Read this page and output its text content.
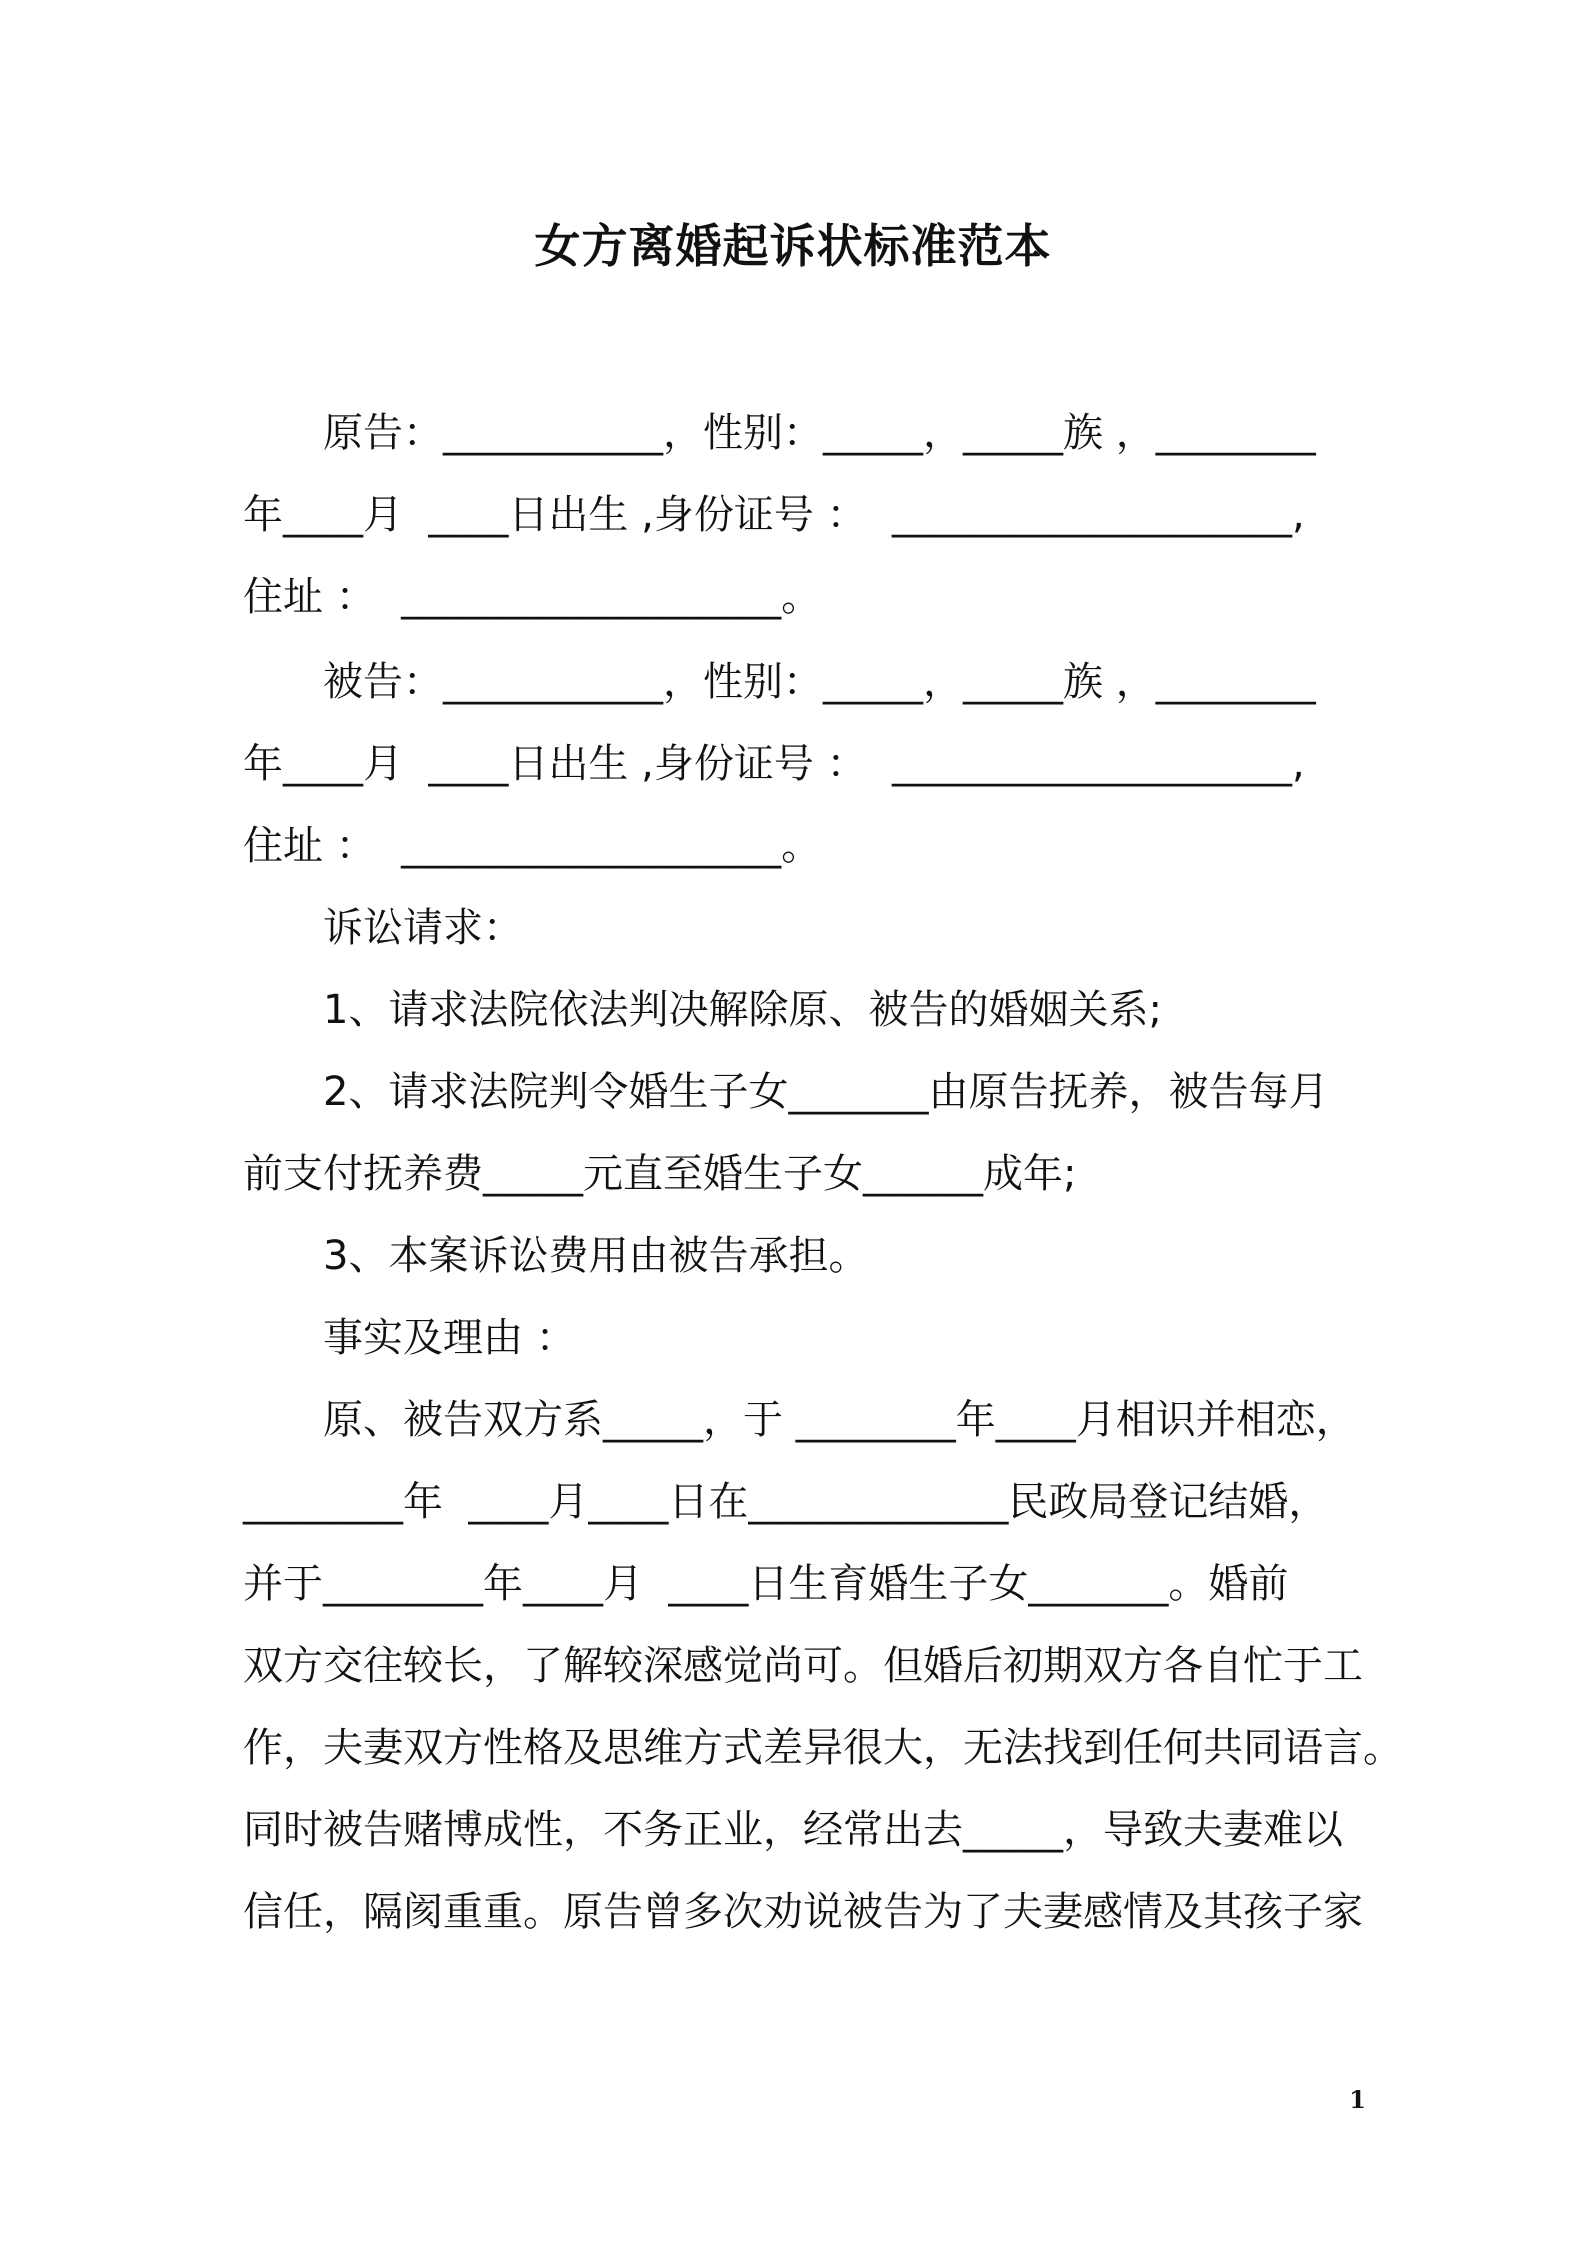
女方离婚起诉状标准范本
原告：___________，性别：_____，_____族 ，________
年____月  ____日出生 ,身份证号 ：  ____________________,
住址 ：  ___________________。
被告：___________，性别：_____，_____族 ，________
年____月  ____日出生 ,身份证号 ：  ____________________,
住址 ：  ___________________。
诉讼请求：
1、请求法院依法判决解除原、被告的婚姻关系;
2、请求法院判令婚生子女_______由原告抚养，被告每月
前支付抚养费_____元直至婚生子女______成年;
3、本案诉讼费用由被告承担。
事实及理由 ：
原、被告双方系_____，于 ________年____月相识并相恋，
________年  ____月____日在_____________民政局登记结婚，
并于________年____月  ____日生育婚生子女_______。婚前
双方交往较长，了解较深感觉尚可。但婚后初期双方各自忙于工
作，夫妻双方性格及思维方式差异很大，无法找到任何共同语言。
同时被告赌博成性，不务正业，经常出去_____，导致夫妻难以
信任，隔阂重重。原告曾多次劝说被告为了夫妻感情及其孩子家
1
